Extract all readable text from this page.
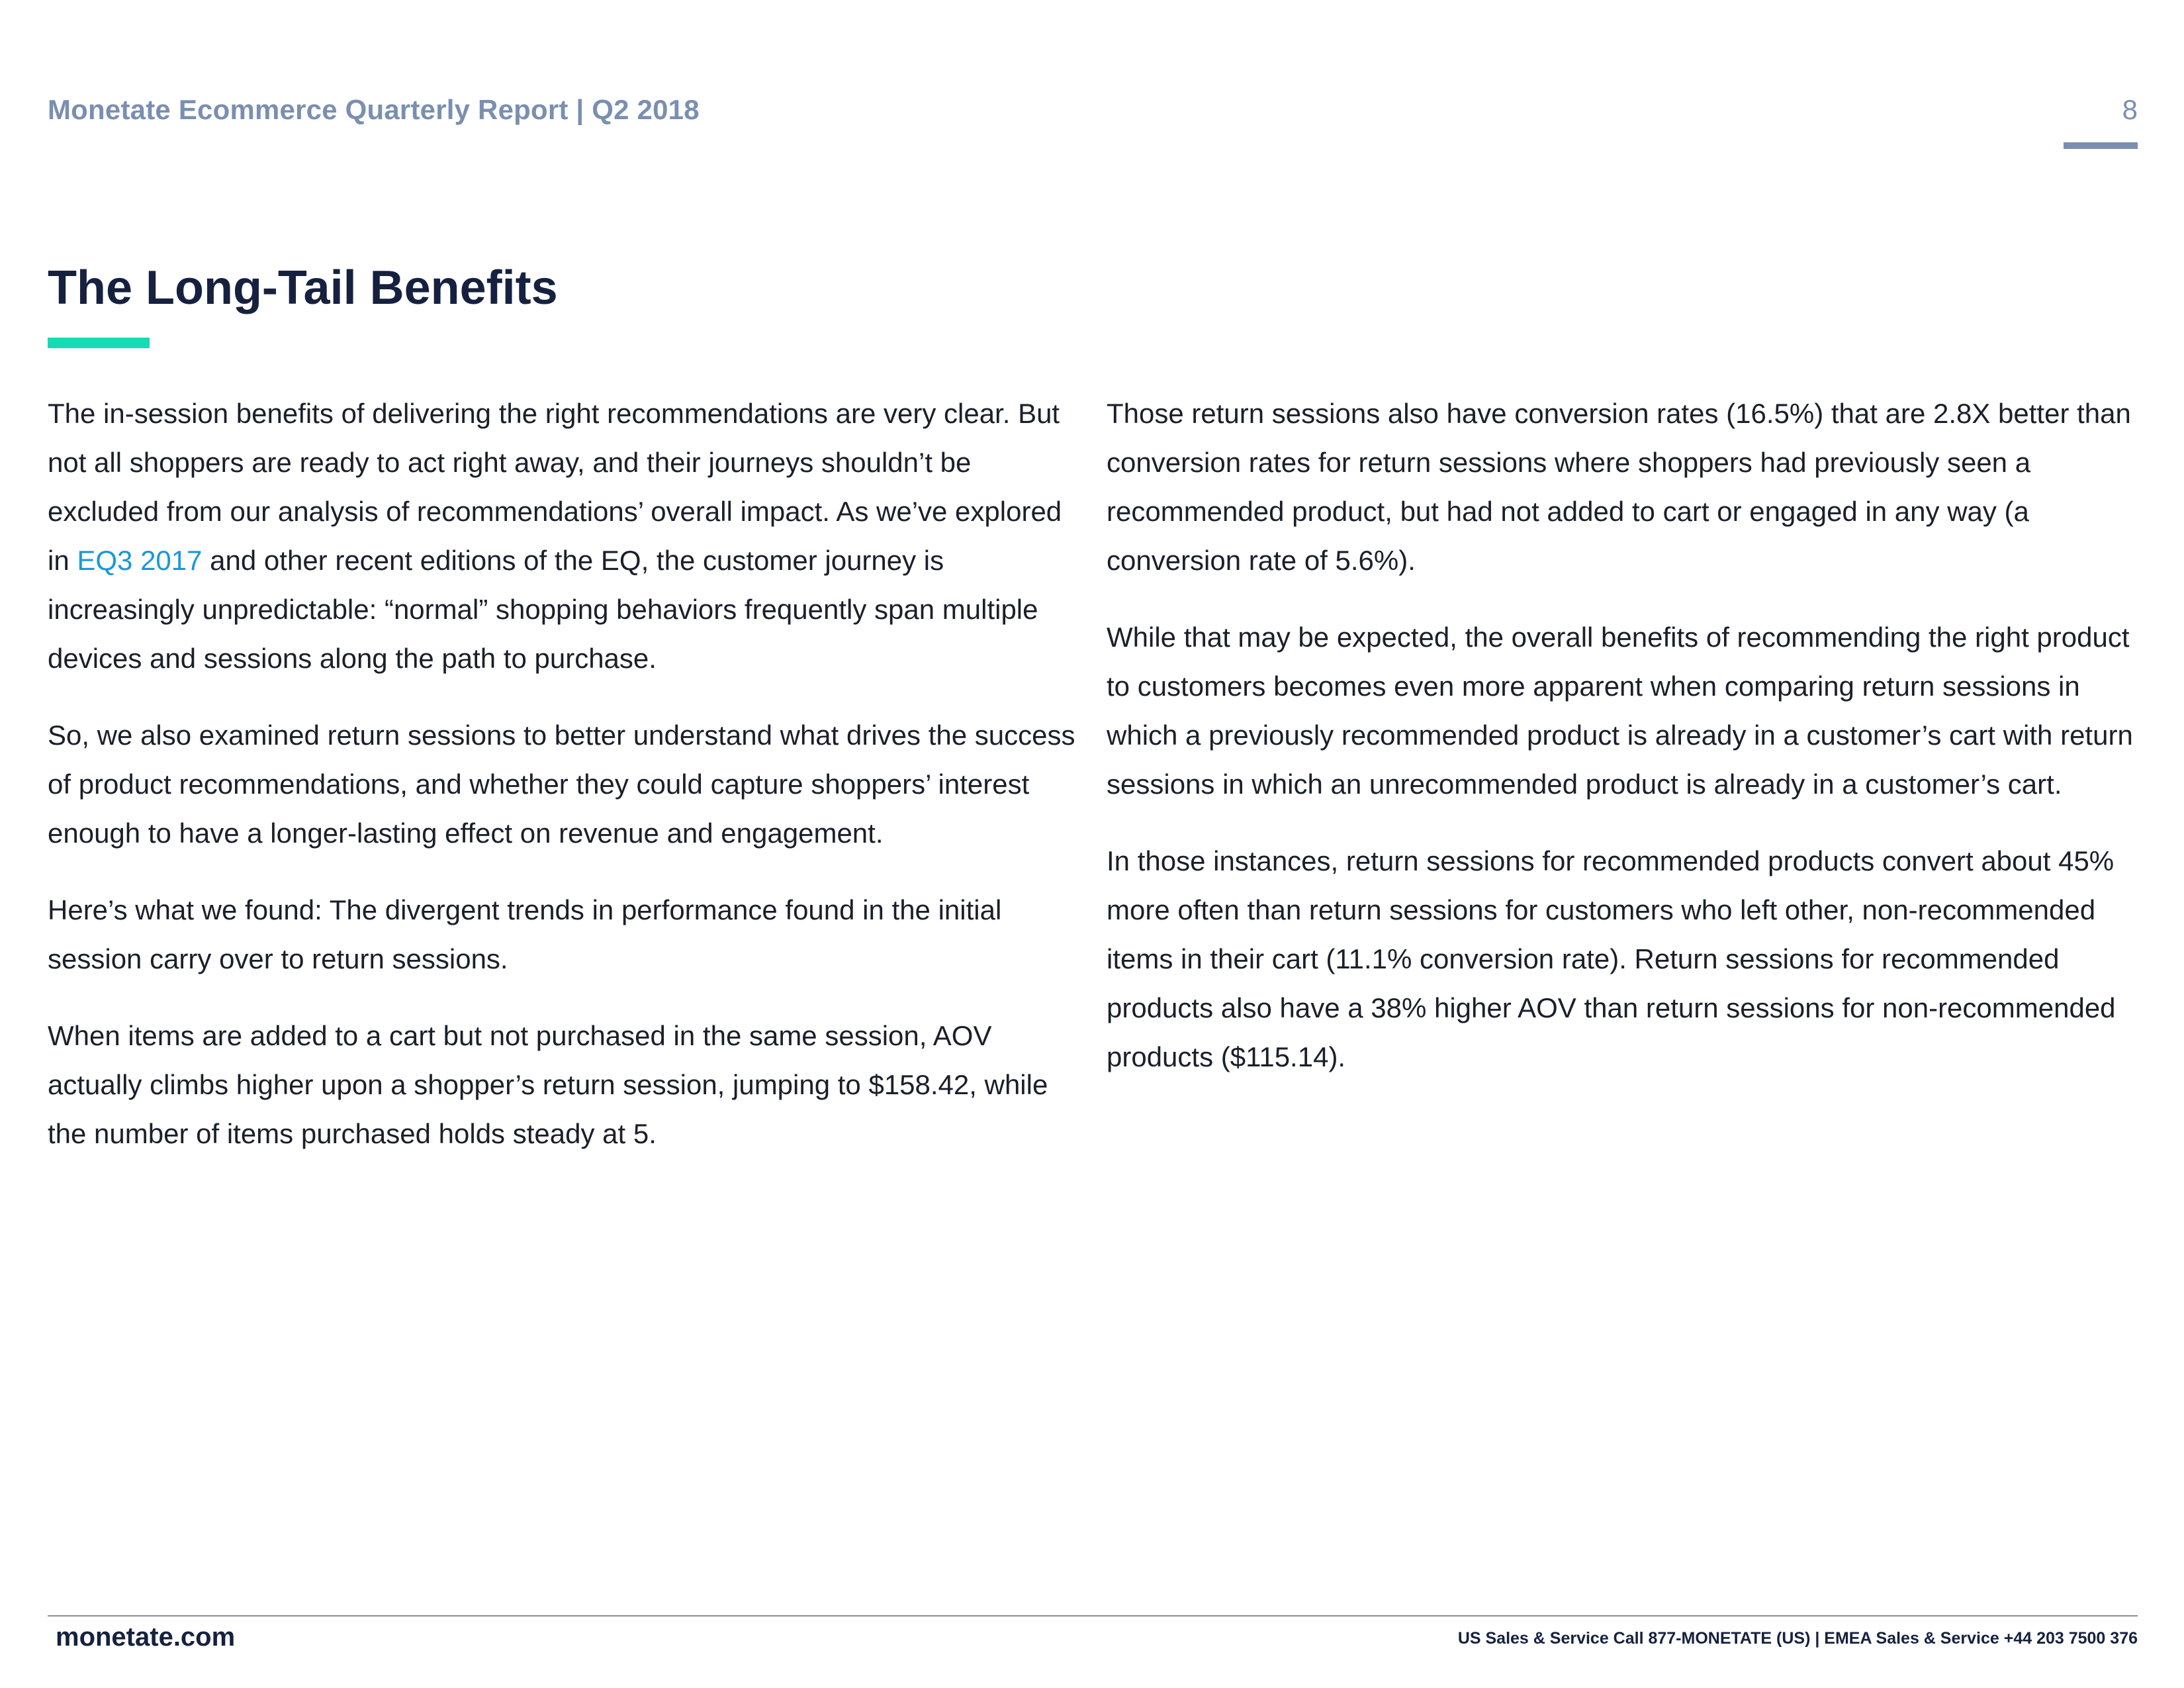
Monetate Ecommerce Quarterly Report | Q2 2018	8
The Long-Tail Benefits

The in-session benefits of delivering the right recommendations are very clear. But not all shoppers are ready to act right away, and their journeys shouldn’t be excluded from our analysis of recommendations’ overall impact. As we’ve explored in EQ3 2017 and other recent editions of the EQ, the customer journey is increasingly unpredictable: “normal” shopping behaviors frequently span multiple devices and sessions along the path to purchase.

So, we also examined return sessions to better understand what drives the success of product recommendations, and whether they could capture shoppers’ interest enough to have a longer-lasting effect on revenue and engagement.

Here’s what we found: The divergent trends in performance found in the initial session carry over to return sessions.

When items are added to a cart but not purchased in the same session, AOV actually climbs higher upon a shopper’s return session, jumping to $158.42, while the number of items purchased holds steady at 5.

Those return sessions also have conversion rates (16.5%) that are 2.8X better than conversion rates for return sessions where shoppers had previously seen a recommended product, but had not added to cart or engaged in any way (a conversion rate of 5.6%).

While that may be expected, the overall benefits of recommending the right product to customers becomes even more apparent when comparing return sessions in which a previously recommended product is already in a customer’s cart with return sessions in which an unrecommended product is already in a customer’s cart.

In those instances, return sessions for recommended products convert about 45% more often than return sessions for customers who left other, non-recommended items in their cart (11.1% conversion rate). Return sessions for recommended products also have a 38% higher AOV than return sessions for non-recommended products ($115.14).

monetate.com	US Sales & Service Call 877-MONETATE (US) | EMEA Sales & Service +44 203 7500 376
